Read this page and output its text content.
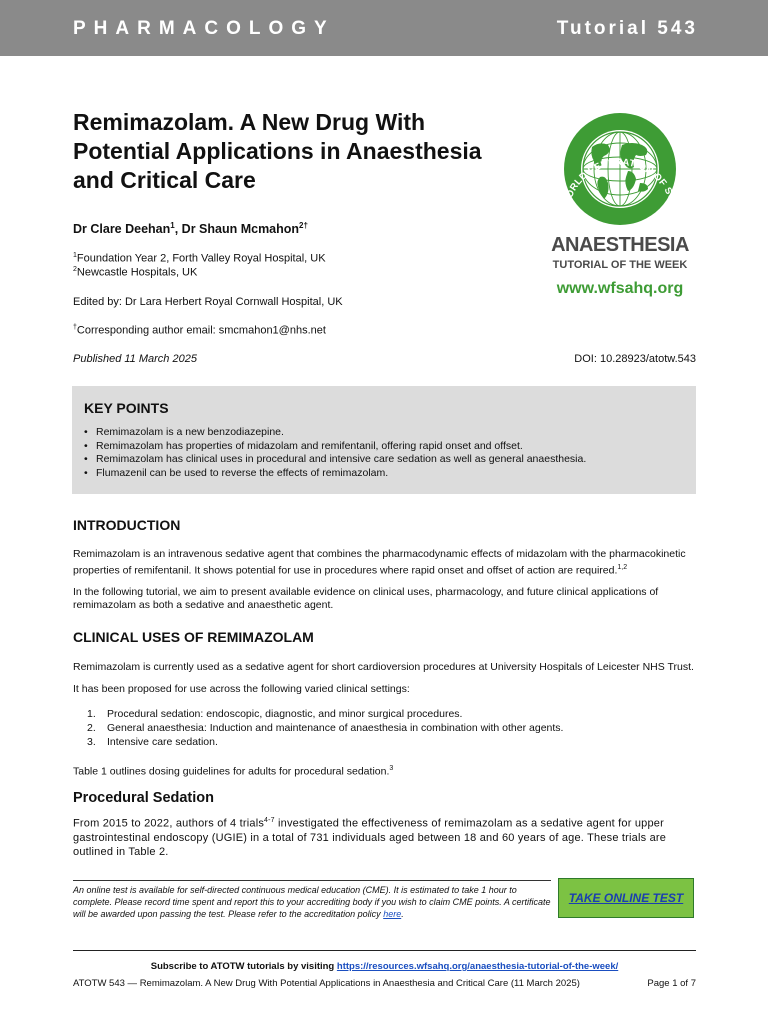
PHARMACOLOGY	Tutorial 543
Remimazolam. A New Drug With Potential Applications in Anaesthesia and Critical Care
Dr Clare Deehan$^1$, Dr Shaun Mcmahon$^{2\dagger}$
$^1$Foundation Year 2, Forth Valley Royal Hospital, UK
$^2$Newcastle Hospitals, UK
Edited by: Dr Lara Herbert Royal Cornwall Hospital, UK
†Corresponding author email: smcmahon1@nhs.net
Published 11 March 2025	DOI: 10.28923/atotw.543
WORLD FEDERATION OF SOCIETIE TS
ANAESTHESIA
TUTORIAL OF THE WEEK
www.wfsahq.org
KEY POINTS
• Remimazolam is a new benzodiazepine.
• Remimazolam has properties of midazolam and remifentanil, offering rapid onset and offset.
• Remimazolam has clinical uses in procedural and intensive care sedation as well as general anaesthesia.
• Flumazenil can be used to reverse the effects of remimazolam.
INTRODUCTION

Remimazolam is an intravenous sedative agent that combines the pharmacodynamic effects of midazolam with the pharmacokinetic properties of remifentanil. It shows potential for use in procedures where rapid onset and offset of action are required.$^{1,2}$

In the following tutorial, we aim to present available evidence on clinical uses, pharmacology, and future clinical applications of remimazolam as both a sedative and anaesthetic agent.

CLINICAL USES OF REMIMAZOLAM

Remimazolam is currently used as a sedative agent for short cardioversion procedures at University Hospitals of Leicester NHS Trust.

It has been proposed for use across the following varied clinical settings:

1. Procedural sedation: endoscopic, diagnostic, and minor surgical procedures.
2. General anaesthesia: Induction and maintenance of anaesthesia in combination with other agents.
3. Intensive care sedation.

Table 1 outlines dosing guidelines for adults for procedural sedation.$^3$

Procedural Sedation

From 2015 to 2022, authors of 4 trials$^{4-7}$ investigated the effectiveness of remimazolam as a sedative agent for upper gastrointestinal endoscopy (UGIE) in a total of 731 individuals aged between 18 and 60 years of age. These trials are outlined in Table 2.

An online test is available for self-directed continuous medical education (CME). It is estimated to take 1 hour to complete. Please record time spent and report this to your accrediting body if you wish to claim CME points. A certificate will be awarded upon passing the test. Please refer to the accreditation policy here.
TAKE ONLINE TEST
Subscribe to ATOTW tutorials by visiting https://resources.wfsahq.org/anaesthesia-tutorial-of-the-week/
ATOTW 543 — Remimazolam. A New Drug With Potential Applications in Anaesthesia and Critical Care (11 March 2025)	Page 1 of 7
